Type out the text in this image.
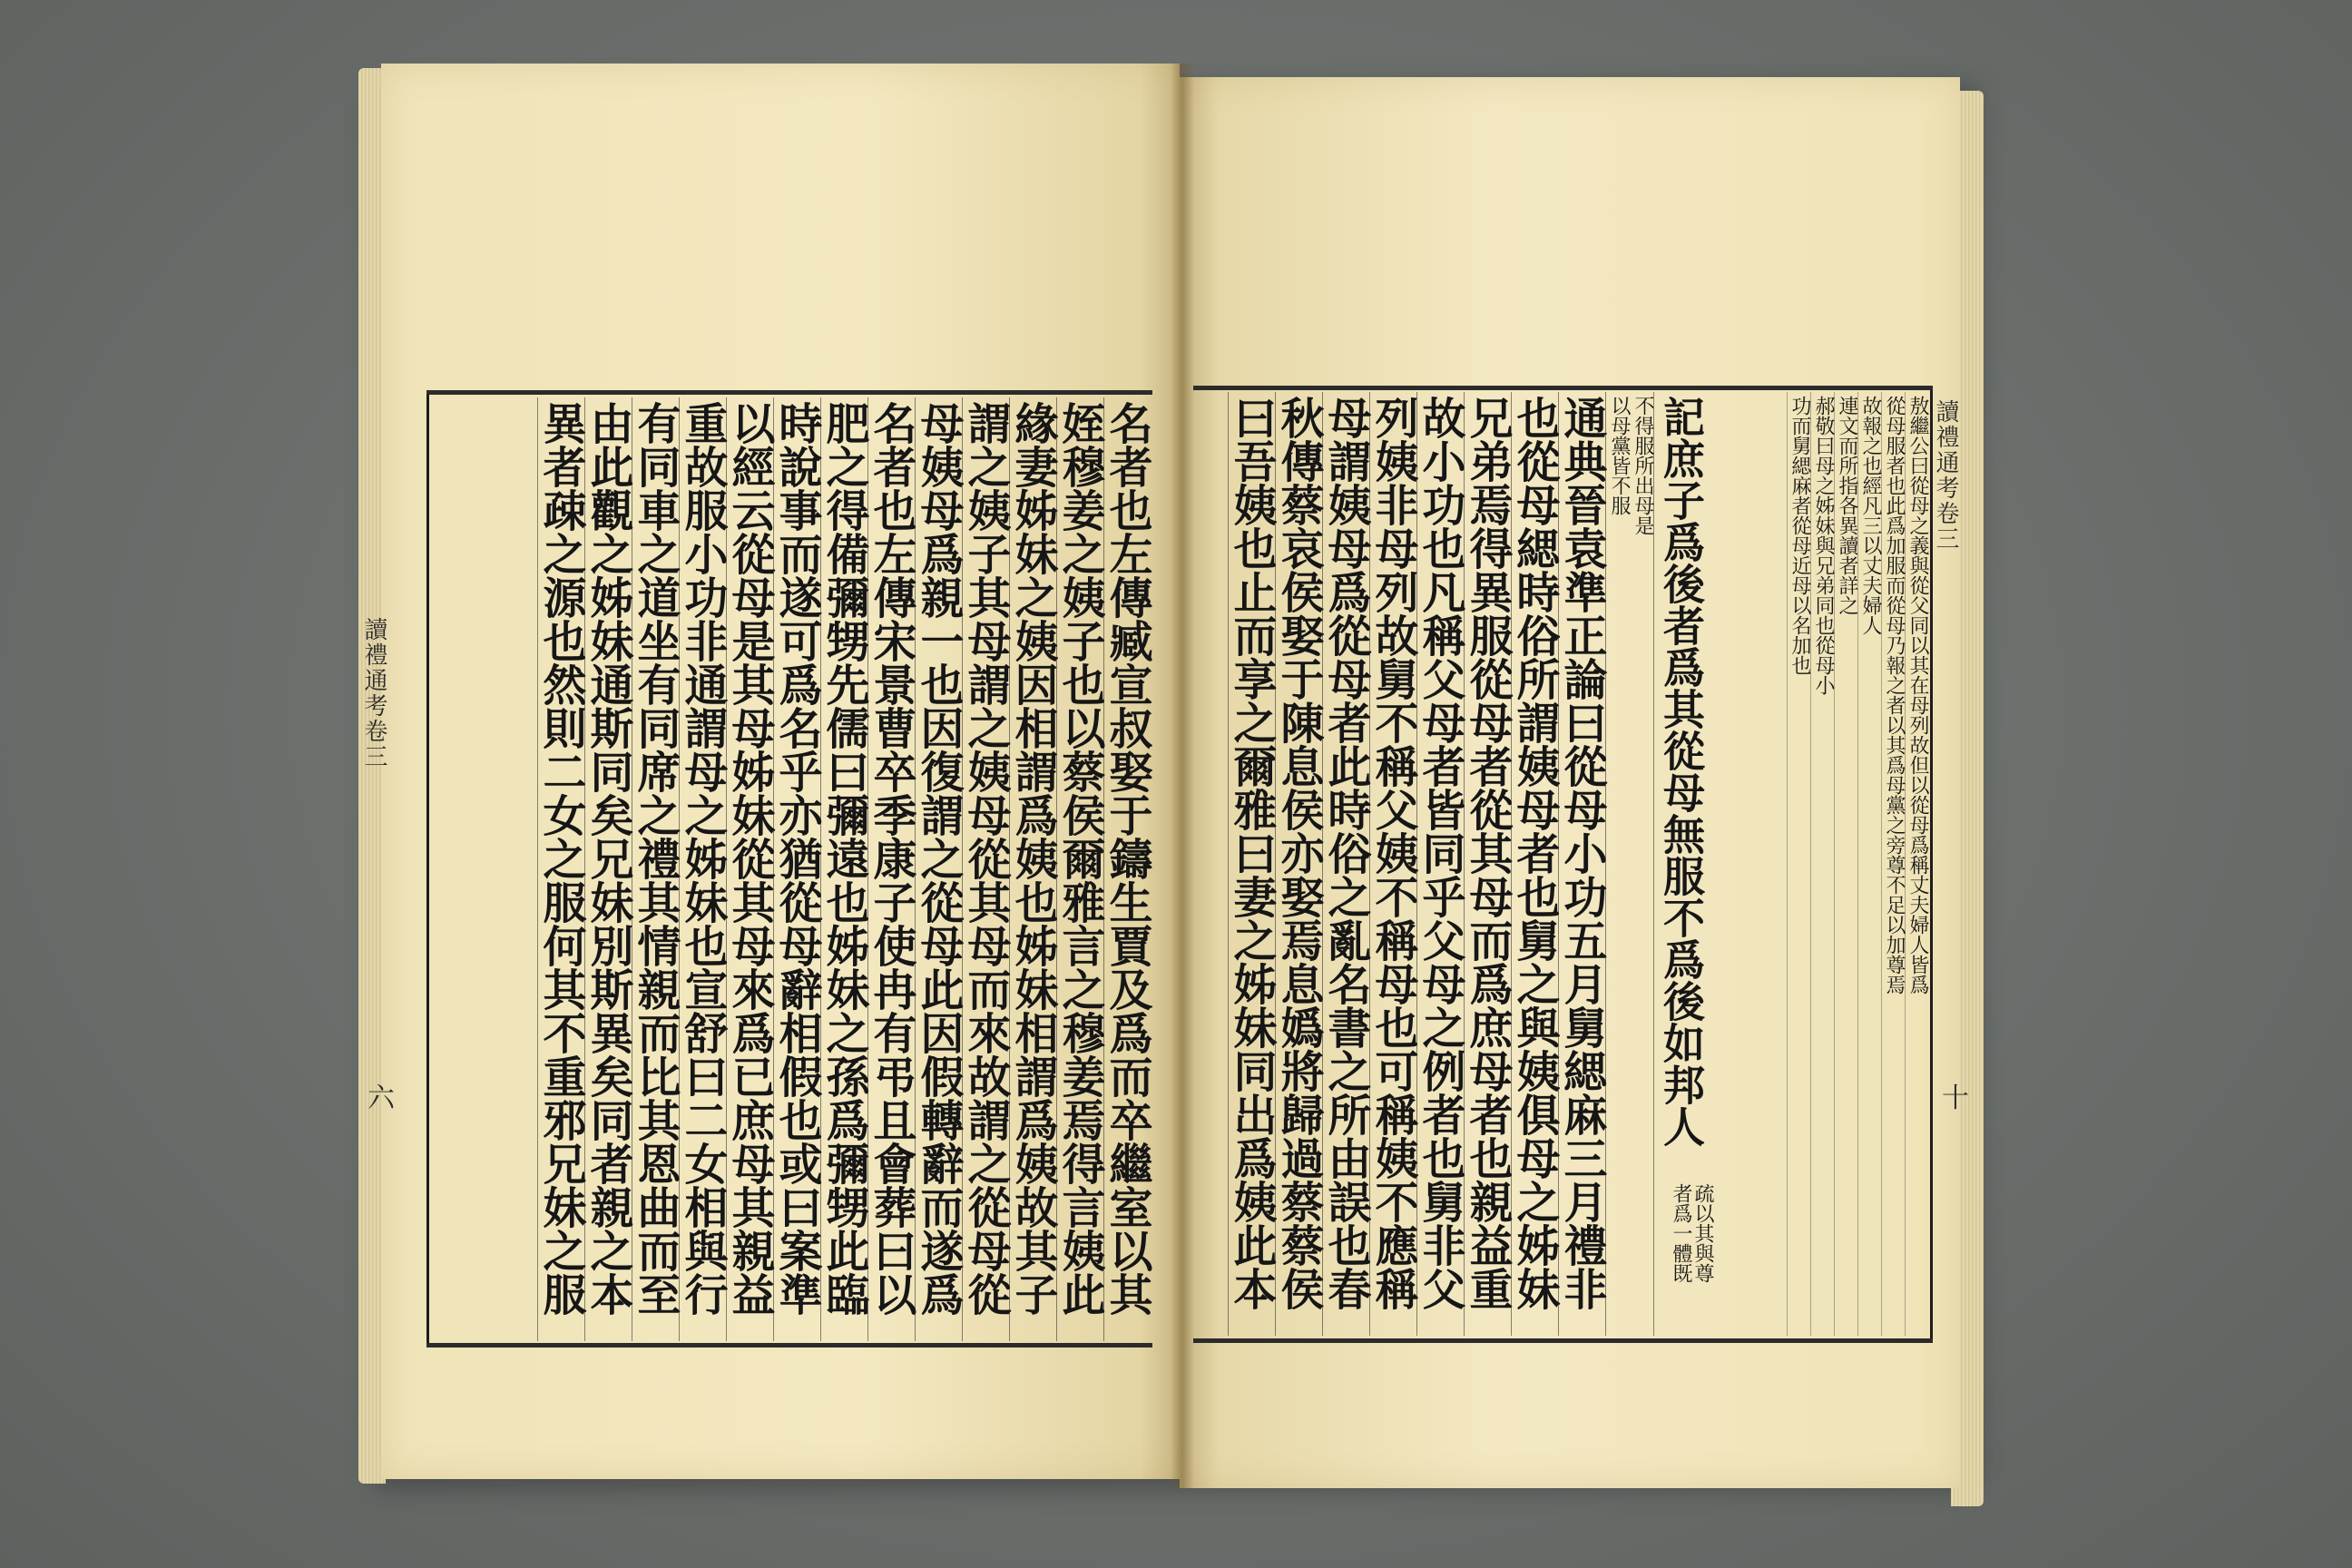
名者也左傳臧宣叔娶于鑄生賈及爲而卒繼室以其
姪穆姜之姨子也以蔡侯爾雅言之穆姜焉得言姨此
緣妻姊妹之姨因相謂爲姨也姊妹相謂爲姨故其子
謂之姨子其母謂之姨母從其母而來故謂之從母從
母姨母爲親一也因復謂之從母此因假轉辭而遂爲
名者也左傳宋景曹卒季康子使冉有弔且會葬曰以
肥之得備彌甥先儒曰彌遠也姊妹之孫爲彌甥此臨
時說事而遂可爲名乎亦猶從母辭相假也或曰案準
以經云從母是其母姊妹從其母來爲已庶母其親益
重故服小功非通謂母之姊妹也宣舒曰二女相與行
有同車之道坐有同席之禮其情親而比其恩曲而至
由此觀之姊妹通斯同矣兄妹別斯異矣同者親之本
異者疎之源也然則二女之服何其不重邪兄妹之服
讀禮通考卷三
六	記庶子爲後者爲其從母無服不爲後如邦人
不得服所出母是
以母黨皆不服
通典晉袁準正論曰從母小功五月舅緦麻三月禮非
也從母緦時俗所謂姨母者也舅之與姨俱母之姊妹
兄弟焉得異服從母者從其母而爲庶母者也親益重
故小功也凡稱父母者皆同乎父母之例者也舅非父
列姨非母列故舅不稱父姨不稱母也可稱姨不應稱
母謂姨母爲從母者此時俗之亂名書之所由誤也春
秋傳蔡哀侯娶于陳息侯亦娶焉息嬀將歸過蔡蔡侯
曰吾姨也止而享之爾雅曰妻之姊妹同出爲姨此本	疏以其與尊
者爲一體既
敖繼公曰從母之義與從父同以其在母列故但以從母爲稱丈夫婦人皆爲
從母服者也此爲加服而從母乃報之者以其爲母黨之旁尊不足以加尊焉
故報之也經凡三以丈夫婦人
連文而所指各異讀者詳之
郝敬曰母之姊妹與兄弟同也從母小
功而舅緦麻者從母近母以名加也	讀禮通考卷三
十
